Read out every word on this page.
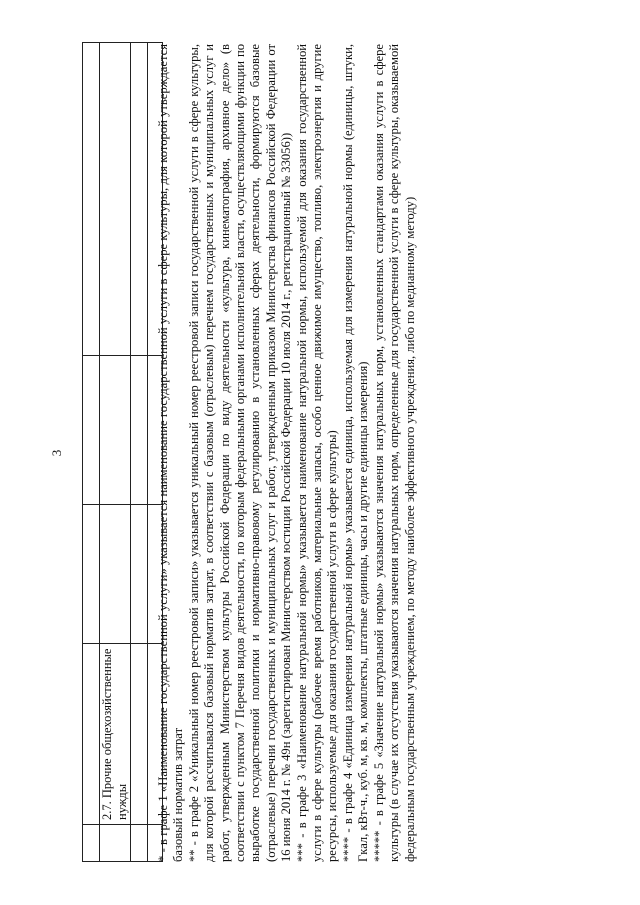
3

	2.7. Прочие общехозяйственные нужды			

				* - в графе 1 «Наименование государственной услуги» указывается наименование государственной услуги в сфере культуры, для которой утверждается базовый норматив затрат ** - в графе 2 «Уникальный номер реестровой записи» указывается уникальный номер реестровой записи государственной услуги в сфере культуры, для которой рассчитывался базовый норматив затрат, в соответствии с базовым (отраслевым) перечнем государственных и муниципальных услуг и работ, утвержденным Министерством культуры Российской Федерации по виду деятельности «культура, кинематография, архивное дело» (в соответствии с пунктом 7 Перечня видов деятельности, по которым федеральными органами исполнительной власти, осуществляющими функции по выработке государственной политики и нормативно-правовому регулированию в установленных сферах деятельности, формируются базовые (отраслевые) перечни государственных и муниципальных услуг и работ, утвержденным приказом Министерства финансов Российской Федерации от 16 июня 2014 г. № 49н (зарегистрирован Министерством юстиции Российской Федерации 10 июля 2014 г., регистрационный № 33056)) *** - в графе 3 «Наименование натуральной нормы» указывается наименование натуральной нормы, используемой для оказания государственной услуги в сфере культуры (рабочее время работников, материальные запасы, особо ценное движимое имущество, топливо, электроэнергия и другие ресурсы, используемые для оказания государственной услуги в сфере культуры) **** - в графе 4 «Единица измерения натуральной нормы» указывается единица, используемая для измерения натуральной нормы (единицы, штуки, Гкал, кВт-ч., куб. м, кв. м, комплекты, штатные единицы, часы и другие единицы измерения) ***** - в графе 5 «Значение натуральной нормы» указываются значения натуральных норм, установленных стандартами оказания услуги в сфере культуры (в случае их отсутствия указываются значения натуральных норм, определенные для государственной услуги в сфере культуры, оказываемой федеральным государственным учреждением, по методу наиболее эффективного учреждения, либо по медианному методу)
